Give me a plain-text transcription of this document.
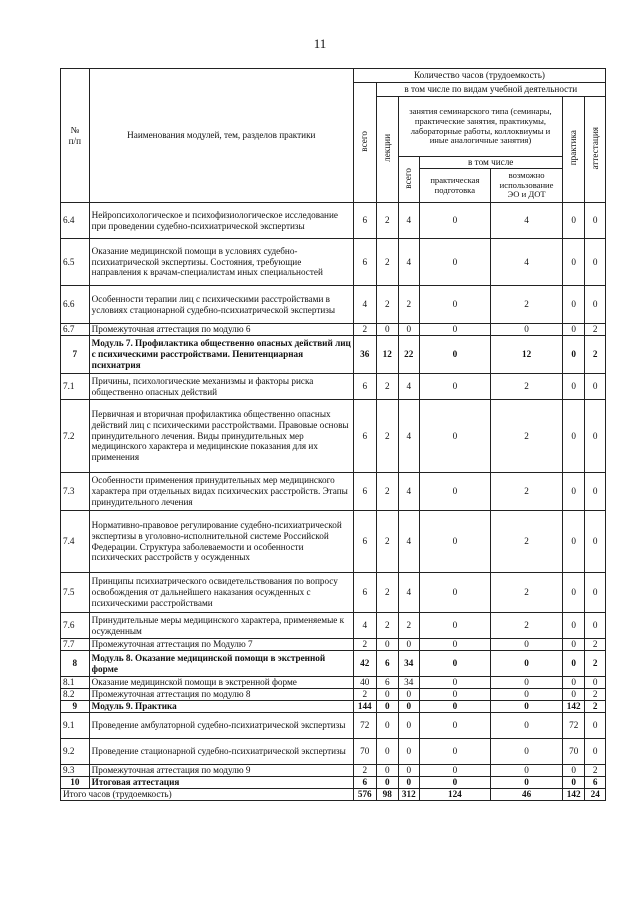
11
№
п/п	Наименования модулей, тем, разделов практики	Количество часов (трудоемкость)						
		всего	в том числе по видам учебной деятельности					
			лекции	занятия семинарского типа (семинары, практические занятия, практикумы, лабораторные работы, коллоквиумы и иные аналогичные занятия)			практика	аттестация
				всего	в том числе			
					практическая подготовка	возможно использование ЭО и ДОТ		
6.4	Нейропсихологическое и психофизиологическое исследование при проведении судебно-психиатрической экспертизы	6	2	4	0	4	0	0
6.5	Оказание медицинской помощи в условиях судебно-психиатрической экспертизы. Состояния, требующие направления к врачам-специалистам иных специальностей	6	2	4	0	4	0	0
6.6	Особенности терапии лиц с психическими расстройствами в условиях стационарной судебно-психиатрической экспертизы	4	2	2	0	2	0	0
6.7	Промежуточная аттестация по модулю 6	2	0	0	0	0	0	2
7	Модуль 7. Профилактика общественно опасных действий лиц с психическими расстройствами. Пенитенциарная психиатрия	36	12	22	0	12	0	2
7.1	Причины, психологические механизмы и факторы риска общественно опасных действий	6	2	4	0	2	0	0
7.2	Первичная и вторичная профилактика общественно опасных действий лиц с психическими расстройствами. Правовые основы принудительного лечения. Виды принудительных мер медицинского характера и медицинские показания для их применения	6	2	4	0	2	0	0
7.3	Особенности применения принудительных мер медицинского характера при отдельных видах психических расстройств. Этапы принудительного лечения	6	2	4	0	2	0	0
7.4	Нормативно-правовое регулирование судебно-психиатрической экспертизы в уголовно-исполнительной системе Российской Федерации. Структура заболеваемости и особенности психических расстройств у осужденных	6	2	4	0	2	0	0
7.5	Принципы психиатрического освидетельствования по вопросу освобождения от дальнейшего наказания осужденных с психическими расстройствами	6	2	4	0	2	0	0
7.6	Принудительные меры медицинского характера, применяемые к осужденным	4	2	2	0	2	0	0
7.7	Промежуточная аттестация по Модулю 7	2	0	0	0	0	0	2
8	Модуль 8. Оказание медицинской помощи в экстренной форме	42	6	34	0	0	0	2
8.1	Оказание медицинской помощи в экстренной форме	40	6	34	0	0	0	0
8.2	Промежуточная аттестация по модулю 8	2	0	0	0	0	0	2
9	Модуль 9. Практика	144	0	0	0	0	142	2
9.1	Проведение амбулаторной судебно-психиатрической экспертизы	72	0	0	0	0	72	0
9.2	Проведение стационарной судебно-психиатрической экспертизы	70	0	0	0	0	70	0
9.3	Промежуточная аттестация по модулю 9	2	0	0	0	0	0	2
10	Итоговая аттестация	6	0	0	0	0	0	6
Итого часов (трудоемкость)		576	98	312	124	46	142	24
